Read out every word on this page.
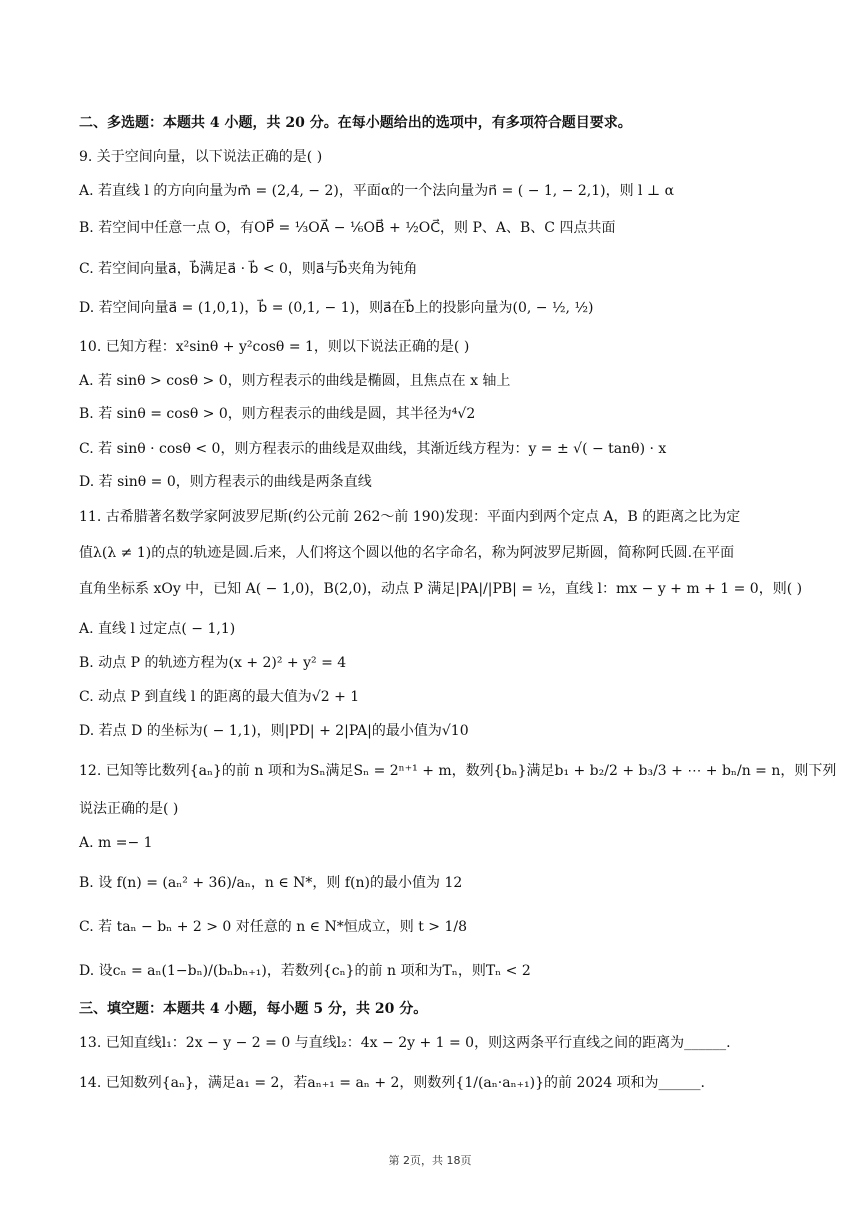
二、多选题：本题共 4 小题，共 20 分。在每小题给出的选项中，有多项符合题目要求。
9. 关于空间向量，以下说法正确的是( )
A. 若直线 l 的方向向量为m⃗ = (2,4, − 2)，平面α的一个法向量为n⃗ = ( − 1, − 2,1)，则 l ⊥ α
B. 若空间中任意一点 O，有OP⃗ = ⅓OA⃗ − ⅙OB⃗ + ½OC⃗，则 P、A、B、C 四点共面
C. 若空间向量a⃗，b⃗满足a⃗ · b⃗ < 0，则a⃗与b⃗夹角为钝角
D. 若空间向量a⃗ = (1,0,1)，b⃗ = (0,1, − 1)，则a⃗在b⃗上的投影向量为(0, − ½, ½)
10. 已知方程：x²sinθ + y²cosθ = 1，则以下说法正确的是( )
A. 若 sinθ > cosθ > 0，则方程表示的曲线是椭圆，且焦点在 x 轴上
B. 若 sinθ = cosθ > 0，则方程表示的曲线是圆，其半径为⁴√2
C. 若 sinθ · cosθ < 0，则方程表示的曲线是双曲线，其渐近线方程为：y = ± √( − tanθ) · x
D. 若 sinθ = 0，则方程表示的曲线是两条直线
11. 古希腊著名数学家阿波罗尼斯(约公元前 262～前 190)发现：平面内到两个定点 A，B 的距离之比为定
值λ(λ ≠ 1)的点的轨迹是圆.后来，人们将这个圆以他的名字命名，称为阿波罗尼斯圆，简称阿氏圆.在平面
直角坐标系 xOy 中，已知 A( − 1,0)，B(2,0)，动点 P 满足|PA|/|PB| = ½，直线 l：mx − y + m + 1 = 0，则( )
A. 直线 l 过定点( − 1,1)
B. 动点 P 的轨迹方程为(x + 2)² + y² = 4
C. 动点 P 到直线 l 的距离的最大值为√2 + 1
D. 若点 D 的坐标为( − 1,1)，则|PD| + 2|PA|的最小值为√10
12. 已知等比数列{aₙ}的前 n 项和为Sₙ满足Sₙ = 2ⁿ⁺¹ + m，数列{bₙ}满足b₁ + b₂/2 + b₃/3 + ⋯ + bₙ/n = n，则下列
说法正确的是( )
A. m =− 1
B. 设 f(n) = (aₙ² + 36)/aₙ，n ∈ N*，则 f(n)的最小值为 12
C. 若 taₙ − bₙ + 2 > 0 对任意的 n ∈ N*恒成立，则 t > 1/8
D. 设cₙ = aₙ(1−bₙ)/(bₙbₙ₊₁)，若数列{cₙ}的前 n 项和为Tₙ，则Tₙ < 2
三、填空题：本题共 4 小题，每小题 5 分，共 20 分。
13. 已知直线l₁：2x − y − 2 = 0 与直线l₂：4x − 2y + 1 = 0，则这两条平行直线之间的距离为______.
14. 已知数列{aₙ}，满足a₁ = 2，若aₙ₊₁ = aₙ + 2，则数列{1/(aₙ·aₙ₊₁)}的前 2024 项和为______.
第 2页，共 18页
